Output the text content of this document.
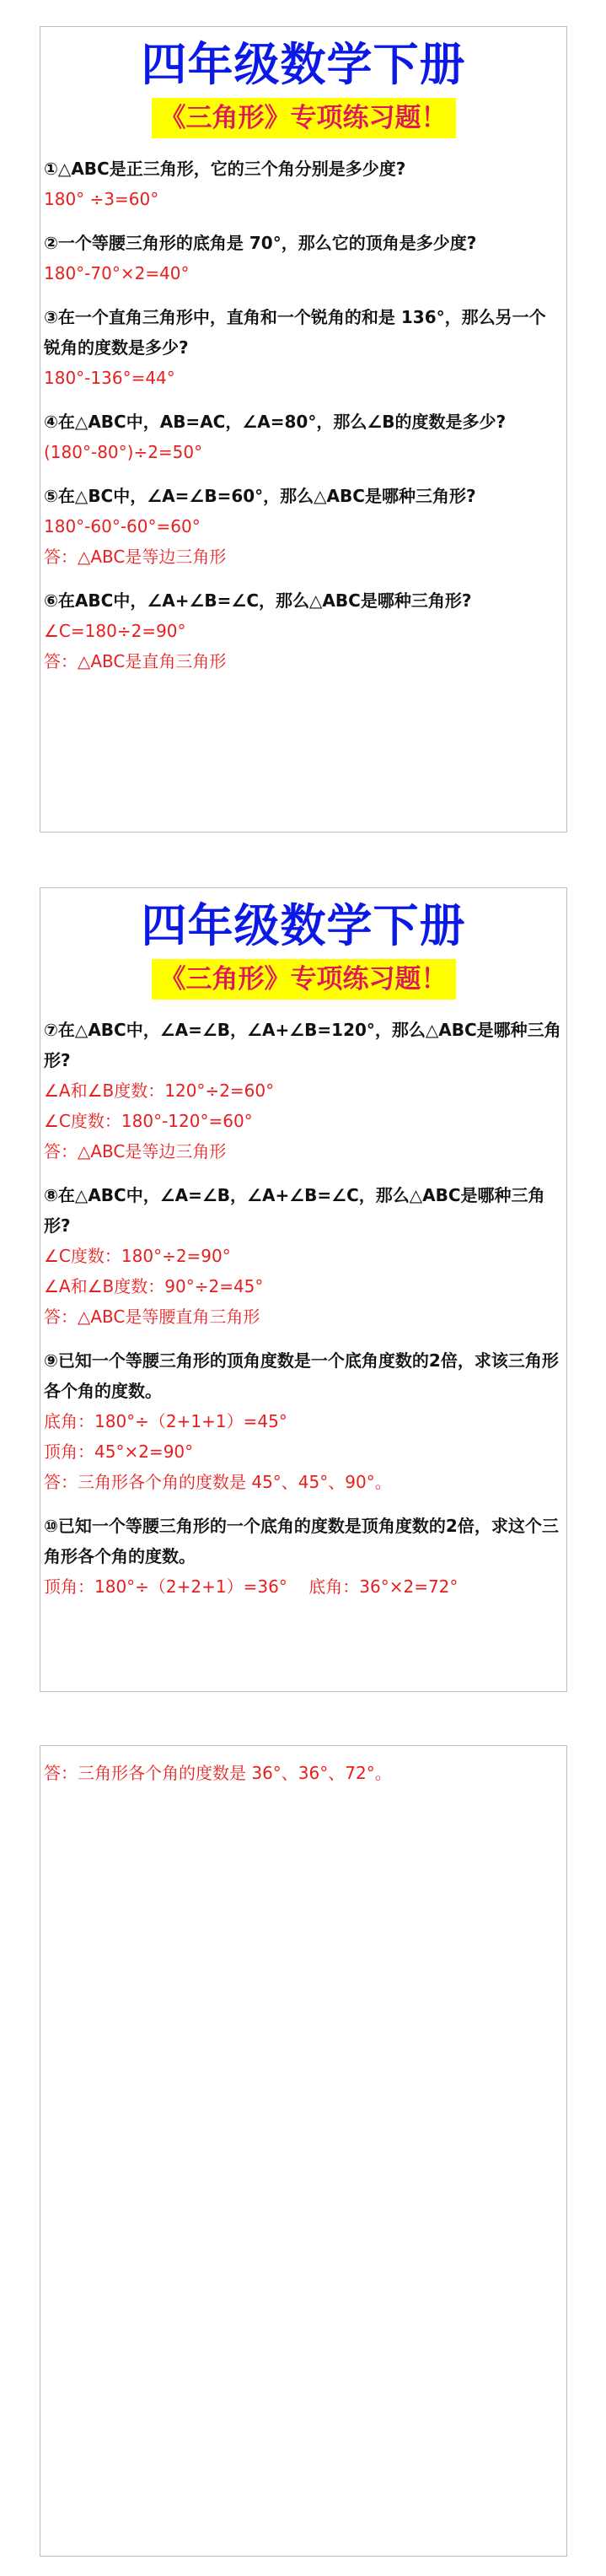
四年级数学下册
《三角形》专项练习题！
①△ABC是正三角形，它的三个角分别是多少度?
180° ÷3=60°
②一个等腰三角形的底角是 70°，那么它的顶角是多少度?
180°-70°×2=40°
③在一个直角三角形中，直角和一个锐角的和是 136°，那么另一个锐角的度数是多少?
180°-136°=44°
④在△ABC中，AB=AC，∠A=80°，那么∠B的度数是多少?
(180°-80°)÷2=50°
⑤在△BC中，∠A=∠B=60°，那么△ABC是哪种三角形?
180°-60°-60°=60°
答：△ABC是等边三角形
⑥在ABC中，∠A+∠B=∠C，那么△ABC是哪种三角形?
∠C=180÷2=90°
答：△ABC是直角三角形
四年级数学下册
《三角形》专项练习题！
⑦在△ABC中，∠A=∠B，∠A+∠B=120°，那么△ABC是哪种三角形?
∠A和∠B度数：120°÷2=60°
∠C度数：180°-120°=60°
答：△ABC是等边三角形
⑧在△ABC中，∠A=∠B，∠A+∠B=∠C，那么△ABC是哪种三角形?
∠C度数：180°÷2=90°
∠A和∠B度数：90°÷2=45°
答：△ABC是等腰直角三角形
⑨已知一个等腰三角形的顶角度数是一个底角度数的2倍，求该三角形各个角的度数。
底角：180°÷（2+1+1）=45°
顶角：45°×2=90°
答：三角形各个角的度数是 45°、45°、90°。
⑩已知一个等腰三角形的一个底角的度数是顶角度数的2倍，求这个三角形各个角的度数。
顶角：180°÷（2+2+1）=36°    底角：36°×2=72°
答：三角形各个角的度数是 36°、36°、72°。
